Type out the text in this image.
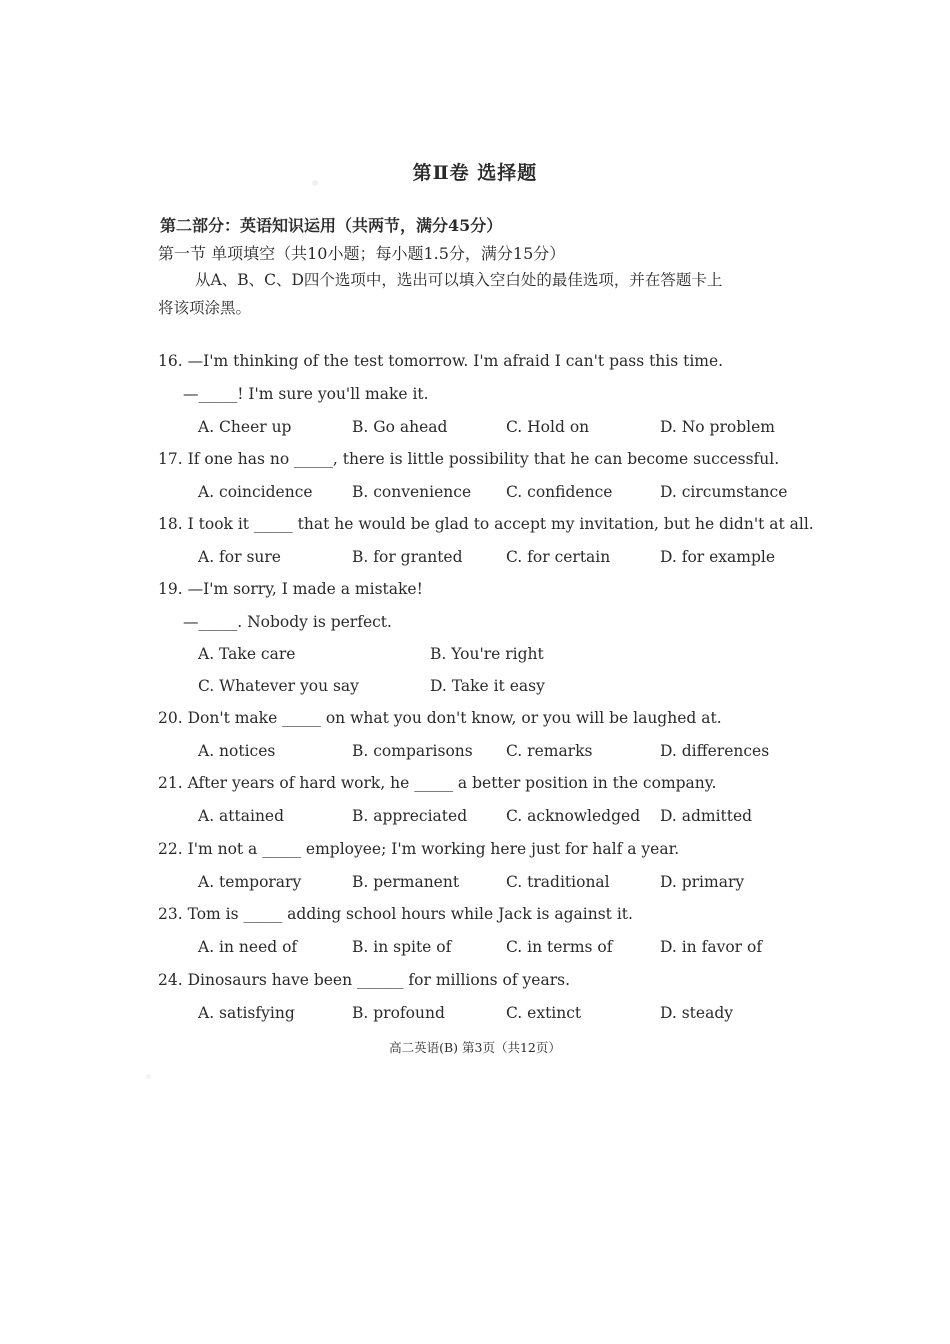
第Ⅱ卷 选择题
第二部分：英语知识运用（共两节，满分45分）
第一节 单项填空（共10小题；每小题1.5分，满分15分）
从A、B、C、D四个选项中，选出可以填入空白处的最佳选项，并在答题卡上
将该项涂黑。
16. —I'm thinking of the test tomorrow. I'm afraid I can't pass this time.
—_____! I'm sure you'll make it.
A. Cheer up	B. Go ahead	C. Hold on	D. No problem
17. If one has no _____, there is little possibility that he can become successful.
A. coincidence	B. convenience C. confidence	D. circumstance
18. I took it _____ that he would be glad to accept my invitation, but he didn't at all.
A. for sure	B. for granted	C. for certain	D. for example
19. —I'm sorry, I made a mistake!
—_____. Nobody is perfect.
A. Take care	B. You're right
C. Whatever you say	D. Take it easy
20. Don't make _____ on what you don't know, or you will be laughed at.
A. notices	B. comparisons C. remarks	D. differences
21. After years of hard work, he _____ a better position in the company.
A. attained	B. appreciated	C. acknowledged D. admitted
22. I'm not a _____ employee; I'm working here just for half a year.
A. temporary	B. permanent	C. traditional	D. primary
23. Tom is _____ adding school hours while Jack is against it.
A. in need of	B. in spite of	C. in terms of	D. in favor of
24. Dinosaurs have been ______ for millions of years.
A. satisfying	B. profound	C. extinct	D. steady
高二英语(B) 第3页（共12页）
